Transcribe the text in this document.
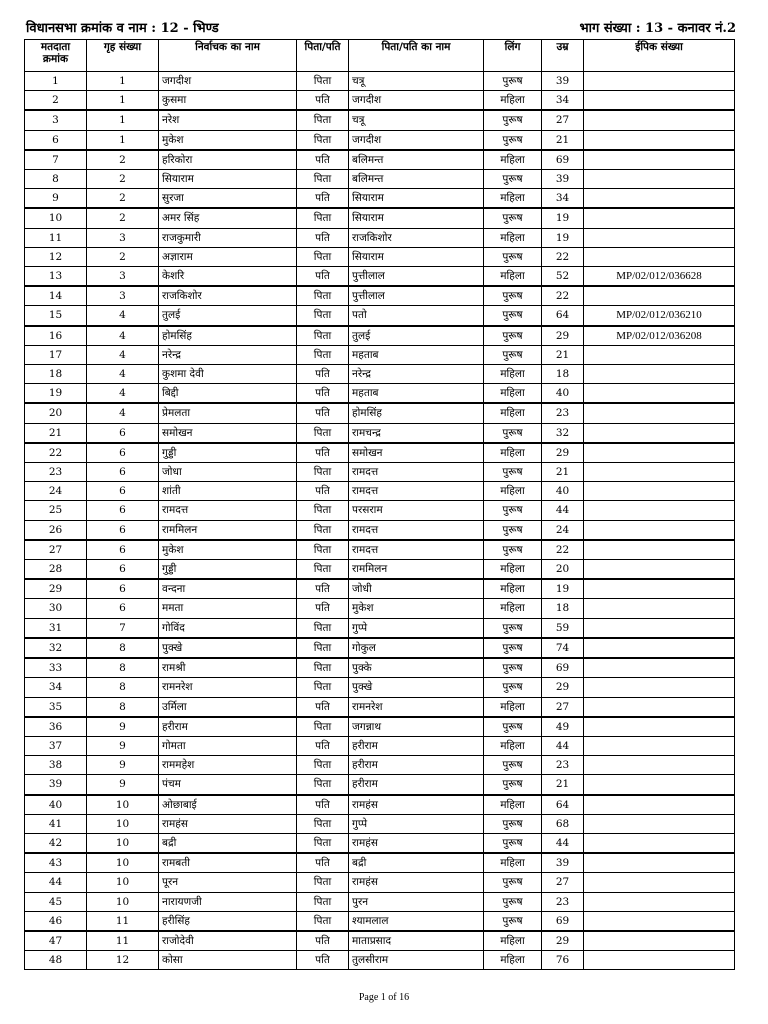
विधानसभा क्रमांक व नाम : 12 - भिण्ड	भाग संख्या : 13 - कनावर नं.2
मतदाता क्रमांक	गृह संख्या	निर्वाचक का नाम	पिता/पति	पिता/पति का नाम	लिंग	उम्र	ईपिक संख्या
1	1	जगदीश	पिता	चत्रू	पुरूष	39	
2	1	कुसमा	पति	जगदीश	महिला	34	
3	1	नरेश	पिता	चत्रू	पुरूष	27	
6	1	मुकेश	पिता	जगदीश	पुरूष	21	
7	2	हरिकोरा	पति	बलिमन्त	महिला	69	
8	2	सियाराम	पिता	बलिमन्त	पुरूष	39	
9	2	सुरजा	पति	सियाराम	महिला	34	
10	2	अमर सिंह	पिता	सियाराम	पुरूष	19	
11	3	राजकुमारी	पति	राजकिशोर	महिला	19	
12	2	अज्ञाराम	पिता	सियाराम	पुरूष	22	
13	3	केशरि	पति	पुत्तीलाल	महिला	52	MP/02/012/036628
14	3	राजकिशोर	पिता	पुत्तीलाल	पुरूष	22	
15	4	तुलई	पिता	पतो	पुरूष	64	MP/02/012/036210
16	4	होमसिंह	पिता	तुलई	पुरूष	29	MP/02/012/036208
17	4	नरेन्द्र	पिता	महताब	पुरूष	21	
18	4	कुशमा देवी	पति	नरेन्द्र	महिला	18	
19	4	बिद्दी	पति	महताब	महिला	40	
20	4	प्रेमलता	पति	होमसिंह	महिला	23	
21	6	समोखन	पिता	रामचन्द्र	पुरूष	32	
22	6	गुड्डी	पति	समोखन	महिला	29	
23	6	जोधा	पिता	रामदत्त	पुरूष	21	
24	6	शांती	पति	रामदत्त	महिला	40	
25	6	रामदत्त	पिता	परसराम	पुरूष	44	
26	6	राममिलन	पिता	रामदत्त	पुरूष	24	
27	6	मुकेश	पिता	रामदत्त	पुरूष	22	
28	6	गुड्डी	पिता	राममिलन	महिला	20	
29	6	वन्दना	पति	जोधी	महिला	19	
30	6	ममता	पति	मुकेश	महिला	18	
31	7	गोविंद	पिता	गुप्पे	पुरूष	59	
32	8	पुक्खे	पिता	गोकुल	पुरूष	74	
33	8	रामश्री	पिता	पुक्के	पुरूष	69	
34	8	रामनरेश	पिता	पुक्खे	पुरूष	29	
35	8	उर्मिला	पति	रामनरेश	महिला	27	
36	9	हरीराम	पिता	जगन्नाथ	पुरूष	49	
37	9	गोमता	पति	हरीराम	महिला	44	
38	9	राममहेश	पिता	हरीराम	पुरूष	23	
39	9	पंचम	पिता	हरीराम	पुरूष	21	
40	10	ओछाबाई	पति	रामहंस	महिला	64	
41	10	रामहंस	पिता	गुप्पे	पुरूष	68	
42	10	बद्री	पिता	रामहंस	पुरूष	44	
43	10	रामबती	पति	बद्री	महिला	39	
44	10	पूरन	पिता	रामहंस	पुरूष	27	
45	10	नारायणजी	पिता	पुरन	पुरूष	23	
46	11	हरीसिंह	पिता	श्यामलाल	पुरूष	69	
47	11	राजोदेवी	पति	माताप्रसाद	महिला	29	
48	12	कोसा	पति	तुलसीराम	महिला	76	
Page 1 of 16
